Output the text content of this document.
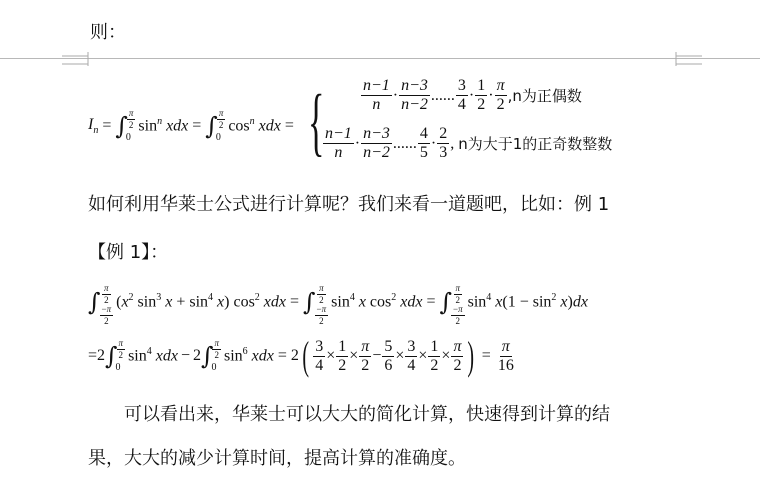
则：
$I_n$ = ∫ $\frac{\pi}{2}$
0
$\sin^n$ xdx = ∫ $\frac{\pi}{2}$
0
$\cos^n$ xdx = { $\frac{n-1}{n} \cdot \frac{n-3}{n-2}$ ...... $\frac{3}{4} \cdot \frac{1}{2} \cdot \frac{\pi}{2} ,n$为正偶数
$\frac{n-1}{n} \cdot \frac{n-3}{n-2}$ ...... $\frac{4}{5} \cdot \frac{2}{3}$ , n为大于1的正奇数整数
如何利用华莱士公式进行计算呢？我们来看一道题吧，比如：例 1
【例 1】：
∫ $\frac{\pi}{2}$
$\frac{-\pi}{2}$
($x^2$ $\sin^3 x + \sin^4 x$) $\cos^2$ xdx = ∫ $\frac{\pi}{2}$
$\frac{-\pi}{2}$
$\sin^4 x$ $\cos^2$ xdx = ∫ $\frac{\pi}{2}$
$\frac{-\pi}{2}$
$\sin^4 x(1 - \sin^2 x)dx$
=2 ∫ $\frac{\pi}{2}$
0
$\sin^4$ xdx − 2 ∫ $\frac{\pi}{2}$
0
$\sin^6$ xdx = 2 ( $\frac{3}{4} \times \frac{1}{2} \times \frac{\pi}{2} - \frac{5}{6} \times \frac{3}{4} \times \frac{1}{2} \times \frac{\pi}{2}$ ) = $\frac{\pi}{16}$
可以看出来，华莱士可以大大的简化计算，快速得到计算的结
果，大大的减少计算时间，提高计算的准确度。
